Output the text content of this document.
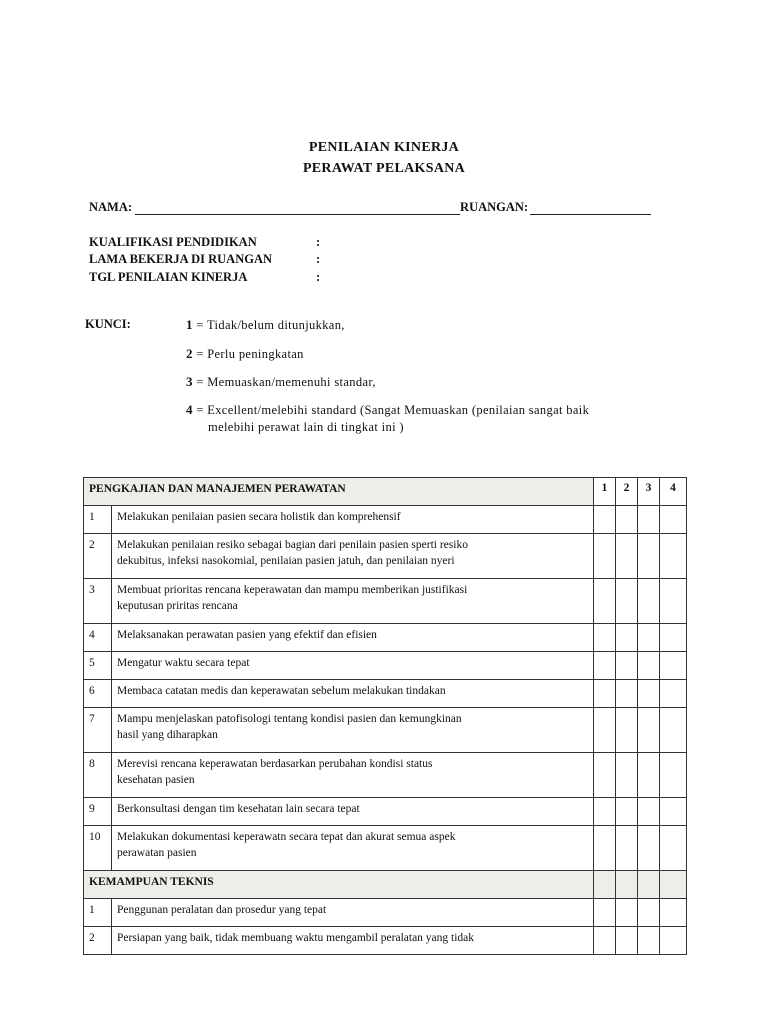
PENILAIAN KINERJA
PERAWAT PELAKSANA
NAMA:	RUANGAN:
KUALIFIKASI PENDIDIKAN	:
LAMA BEKERJA DI RUANGAN	:
TGL PENILAIAN KINERJA	:
KUNCI:	1 = Tidak/belum ditunjukkan,
2 = Perlu peningkatan
3 = Memuaskan/memenuhi standar,
4 = Excellent/melebihi standard (Sangat Memuaskan (penilaian sangat baik
melebihi perawat lain di tingkat ini )
PENGKAJIAN DAN MANAJEMEN PERAWATAN		1	2	3	4
1	Melakukan penilaian pasien secara holistik dan komprehensif				

2	Melakukan penilaian resiko sebagai bagian dari penilain pasien sperti resiko
dekubitus, infeksi nasokomial, penilaian pasien jatuh, dan penilaian nyeri				

3	Membuat prioritas rencana keperawatan dan mampu memberikan justifikasi
keputusan priritas rencana				

4	Melaksanakan perawatan pasien yang efektif dan efisien				

5	Mengatur waktu secara tepat				

6	Membaca catatan medis dan keperawatan sebelum melakukan tindakan				

7	Mampu menjelaskan patofisologi tentang kondisi pasien dan kemungkinan
hasil yang diharapkan				

8	Merevisi rencana keperawatan berdasarkan perubahan kondisi status
kesehatan pasien				

9	Berkonsultasi dengan tim kesehatan lain secara tepat				

10	Melakukan dokumentasi keperawatn secara tepat dan akurat semua aspek
perawatan pasien				

KEMAMPUAN TEKNIS					
1	Penggunan peralatan dan prosedur yang tepat				

2	Persiapan yang baik, tidak membuang waktu mengambil peralatan yang tidak				
